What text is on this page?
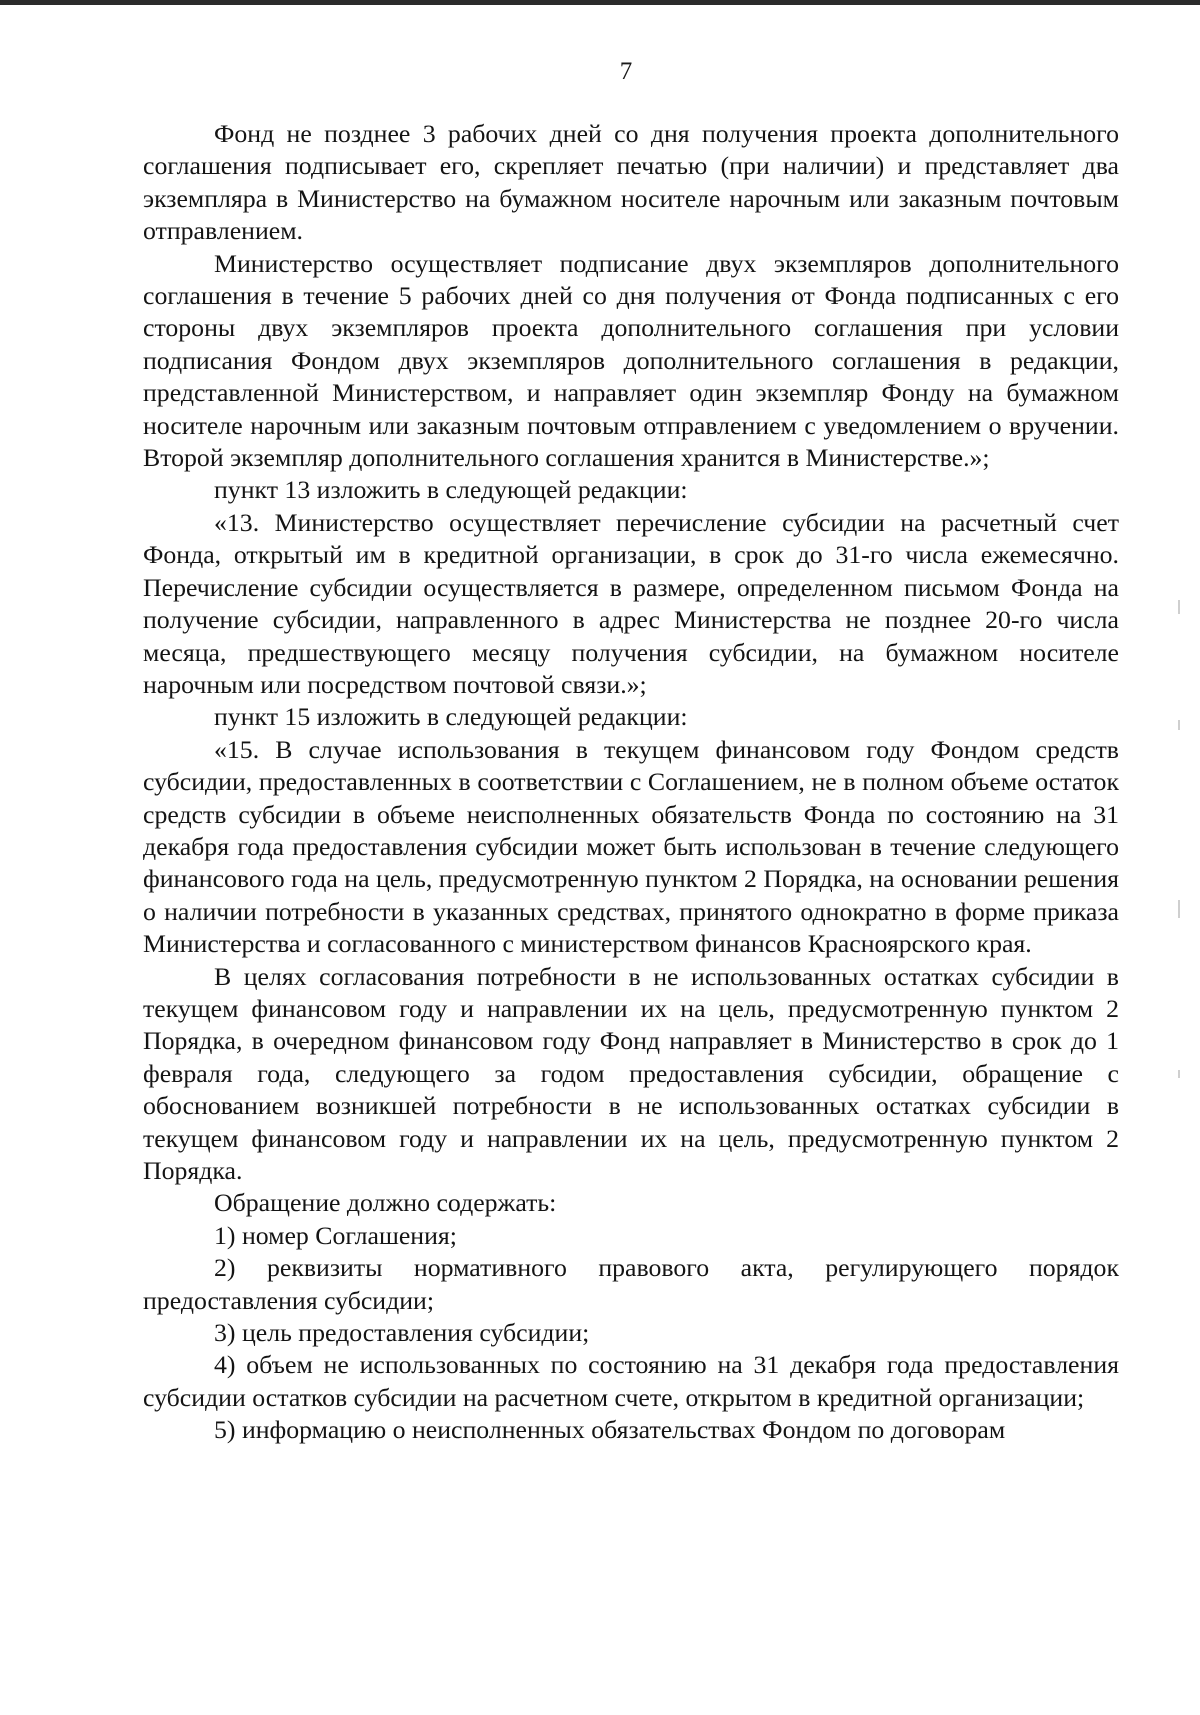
7

Фонд не позднее 3 рабочих дней со дня получения проекта дополнительного соглашения подписывает его, скрепляет печатью (при наличии) и представляет два экземпляра в Министерство на бумажном носителе нарочным или заказным почтовым отправлением.

Министерство осуществляет подписание двух экземпляров дополнительного соглашения в течение 5 рабочих дней со дня получения от Фонда подписанных с его стороны двух экземпляров проекта дополнительного соглашения при условии подписания Фондом двух экземпляров дополнительного соглашения в редакции, представленной Министерством, и направляет один экземпляр Фонду на бумажном носителе нарочным или заказным почтовым отправлением с уведомлением о вручении. Второй экземпляр дополнительного соглашения хранится в Министерстве.»;

пункт 13 изложить в следующей редакции:

«13. Министерство осуществляет перечисление субсидии на расчетный счет Фонда, открытый им в кредитной организации, в срок до 31-го числа ежемесячно. Перечисление субсидии осуществляется в размере, определенном письмом Фонда на получение субсидии, направленного в адрес Министерства не позднее 20-го числа месяца, предшествующего месяцу получения субсидии, на бумажном носителе нарочным или посредством почтовой связи.»;

пункт 15 изложить в следующей редакции:

«15. В случае использования в текущем финансовом году Фондом средств субсидии, предоставленных в соответствии с Соглашением, не в полном объеме остаток средств субсидии в объеме неисполненных обязательств Фонда по состоянию на 31 декабря года предоставления субсидии может быть использован в течение следующего финансового года на цель, предусмотренную пунктом 2 Порядка, на основании решения о наличии потребности в указанных средствах, принятого однократно в форме приказа Министерства и согласованного с министерством финансов Красноярского края.

В целях согласования потребности в не использованных остатках субсидии в текущем финансовом году и направлении их на цель, предусмотренную пунктом 2 Порядка, в очередном финансовом году Фонд направляет в Министерство в срок до 1 февраля года, следующего за годом предоставления субсидии, обращение с обоснованием возникшей потребности в не использованных остатках субсидии в текущем финансовом году и направлении их на цель, предусмотренную пунктом 2 Порядка.

Обращение должно содержать:

1) номер Соглашения;

2) реквизиты нормативного правового акта, регулирующего порядок предоставления субсидии;

3) цель предоставления субсидии;

4) объем не использованных по состоянию на 31 декабря года предоставления субсидии остатков субсидии на расчетном счете, открытом в кредитной организации;

5) информацию о неисполненных обязательствах Фондом по договорам
